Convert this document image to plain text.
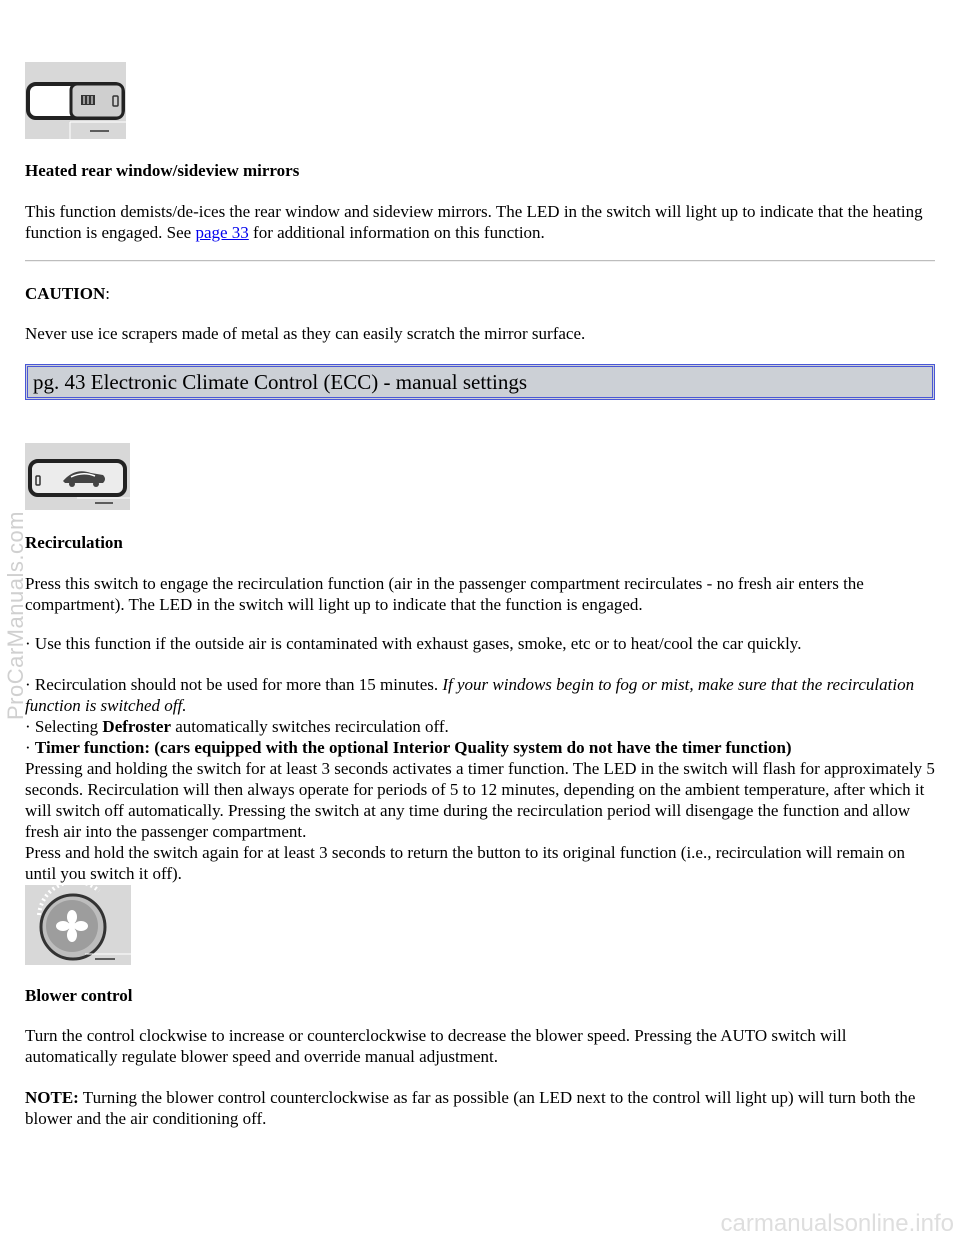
Heated rear window/sideview mirrors

This function demists/de-ices the rear window and sideview mirrors. The LED in the switch will light up to indicate that the heating function is engaged. See page 33 for additional information on this function.

CAUTION:

Never use ice scrapers made of metal as they can easily scratch the mirror surface.

pg. 43 Electronic Climate Control (ECC) - manual settings

Recirculation

Press this switch to engage the recirculation function (air in the passenger compartment recirculates - no fresh air enters the compartment). The LED in the switch will light up to indicate that the function is engaged.

· Use this function if the outside air is contaminated with exhaust gases, smoke, etc or to heat/cool the car quickly.

· Recirculation should not be used for more than 15 minutes. If your windows begin to fog or mist, make sure that the recirculation function is switched off.

· Selecting Defroster automatically switches recirculation off.

· Timer function: (cars equipped with the optional Interior Quality system do not have the timer function)

Pressing and holding the switch for at least 3 seconds activates a timer function. The LED in the switch will flash for approximately 5 seconds. Recirculation will then always operate for periods of 5 to 12 minutes, depending on the ambient temperature, after which it will switch off automatically. Pressing the switch at any time during the recirculation period will disengage the function and allow fresh air into the passenger compartment.

Press and hold the switch again for at least 3 seconds to return the button to its original function (i.e., recirculation will remain on until you switch it off).

Blower control

Turn the control clockwise to increase or counterclockwise to decrease the blower speed. Pressing the AUTO switch will automatically regulate blower speed and override manual adjustment.

NOTE: Turning the blower control counterclockwise as far as possible (an LED next to the control will light up) will turn both the blower and the air conditioning off.

ProCarManuals.com
carmanualsonline.info
